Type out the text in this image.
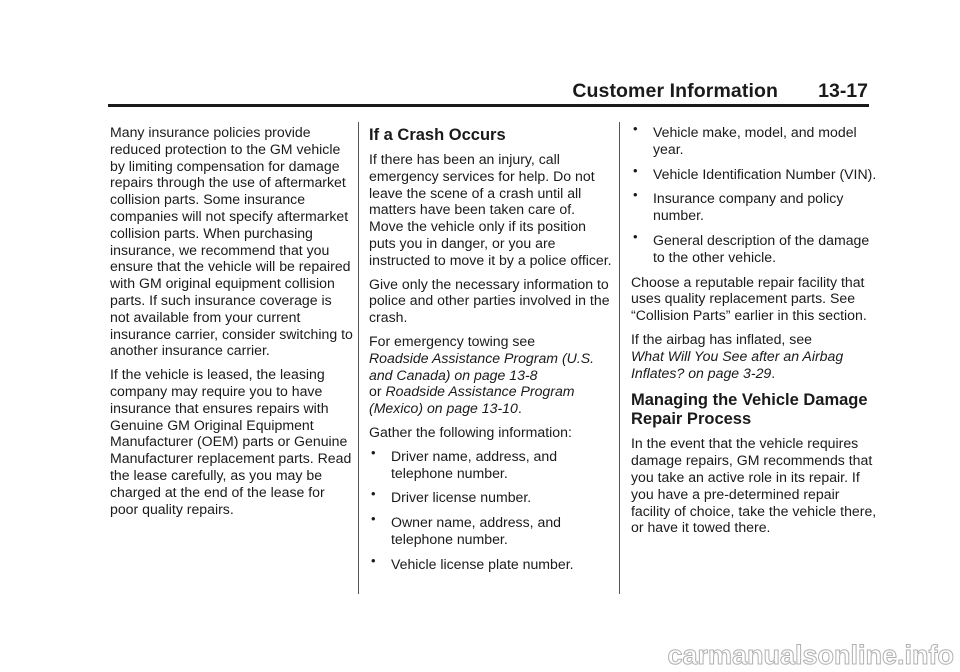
Customer Information 13-17

Many insurance policies provide reduced protection to the GM vehicle by limiting compensation for damage repairs through the use of aftermarket collision parts. Some insurance companies will not specify aftermarket collision parts. When purchasing insurance, we recommend that you ensure that the vehicle will be repaired with GM original equipment collision parts. If such insurance coverage is not available from your current insurance carrier, consider switching to another insurance carrier.

If the vehicle is leased, the leasing company may require you to have insurance that ensures repairs with Genuine GM Original Equipment Manufacturer (OEM) parts or Genuine Manufacturer replacement parts. Read the lease carefully, as you may be charged at the end of the lease for poor quality repairs.

If a Crash Occurs

If there has been an injury, call emergency services for help. Do not leave the scene of a crash until all matters have been taken care of. Move the vehicle only if its position puts you in danger, or you are instructed to move it by a police officer.

Give only the necessary information to police and other parties involved in the crash.

For emergency towing see
Roadside Assistance Program (U.S. and Canada) on page 13-8
or Roadside Assistance Program (Mexico) on page 13-10.

Gather the following information:

• Driver name, address, and telephone number.
• Driver license number.
• Owner name, address, and telephone number.
• Vehicle license plate number.
• Vehicle make, model, and model year.
• Vehicle Identification Number (VIN).
• Insurance company and policy number.
• General description of the damage to the other vehicle.

Choose a reputable repair facility that uses quality replacement parts. See “Collision Parts” earlier in this section.

If the airbag has inflated, see
What Will You See after an Airbag Inflates? on page 3-29.

Managing the Vehicle Damage Repair Process

In the event that the vehicle requires damage repairs, GM recommends that you take an active role in its repair. If you have a pre-determined repair facility of choice, take the vehicle there, or have it towed there.

carmanualsonline.info
